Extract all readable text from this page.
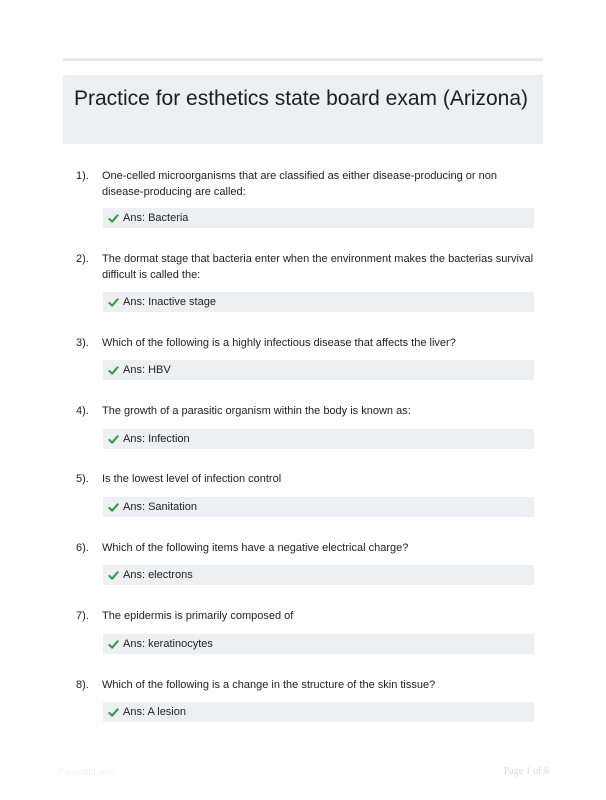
Practice for esthetics state board exam (Arizona)
1). One-celled microorganisms that are classified as either disease-producing or non disease-producing are called:
Ans: Bacteria
2). The dormat stage that bacteria enter when the environment makes the bacterias survival difficult is called the:
Ans: Inactive stage
3). Which of the following is a highly infectious disease that affects the liver?
Ans: HBV
4). The growth of a parasitic organism within the body is known as:
Ans: Infection
5). Is the lowest level of infection control
Ans: Sanitation
6). Which of the following items have a negative electrical charge?
Ans: electrons
7). The epidermis is primarily composed of
Ans: keratinocytes
8). Which of the following is a change in the structure of the skin tissue?
Ans: A lesion
Papertilbl.com	Page 1 of 6
